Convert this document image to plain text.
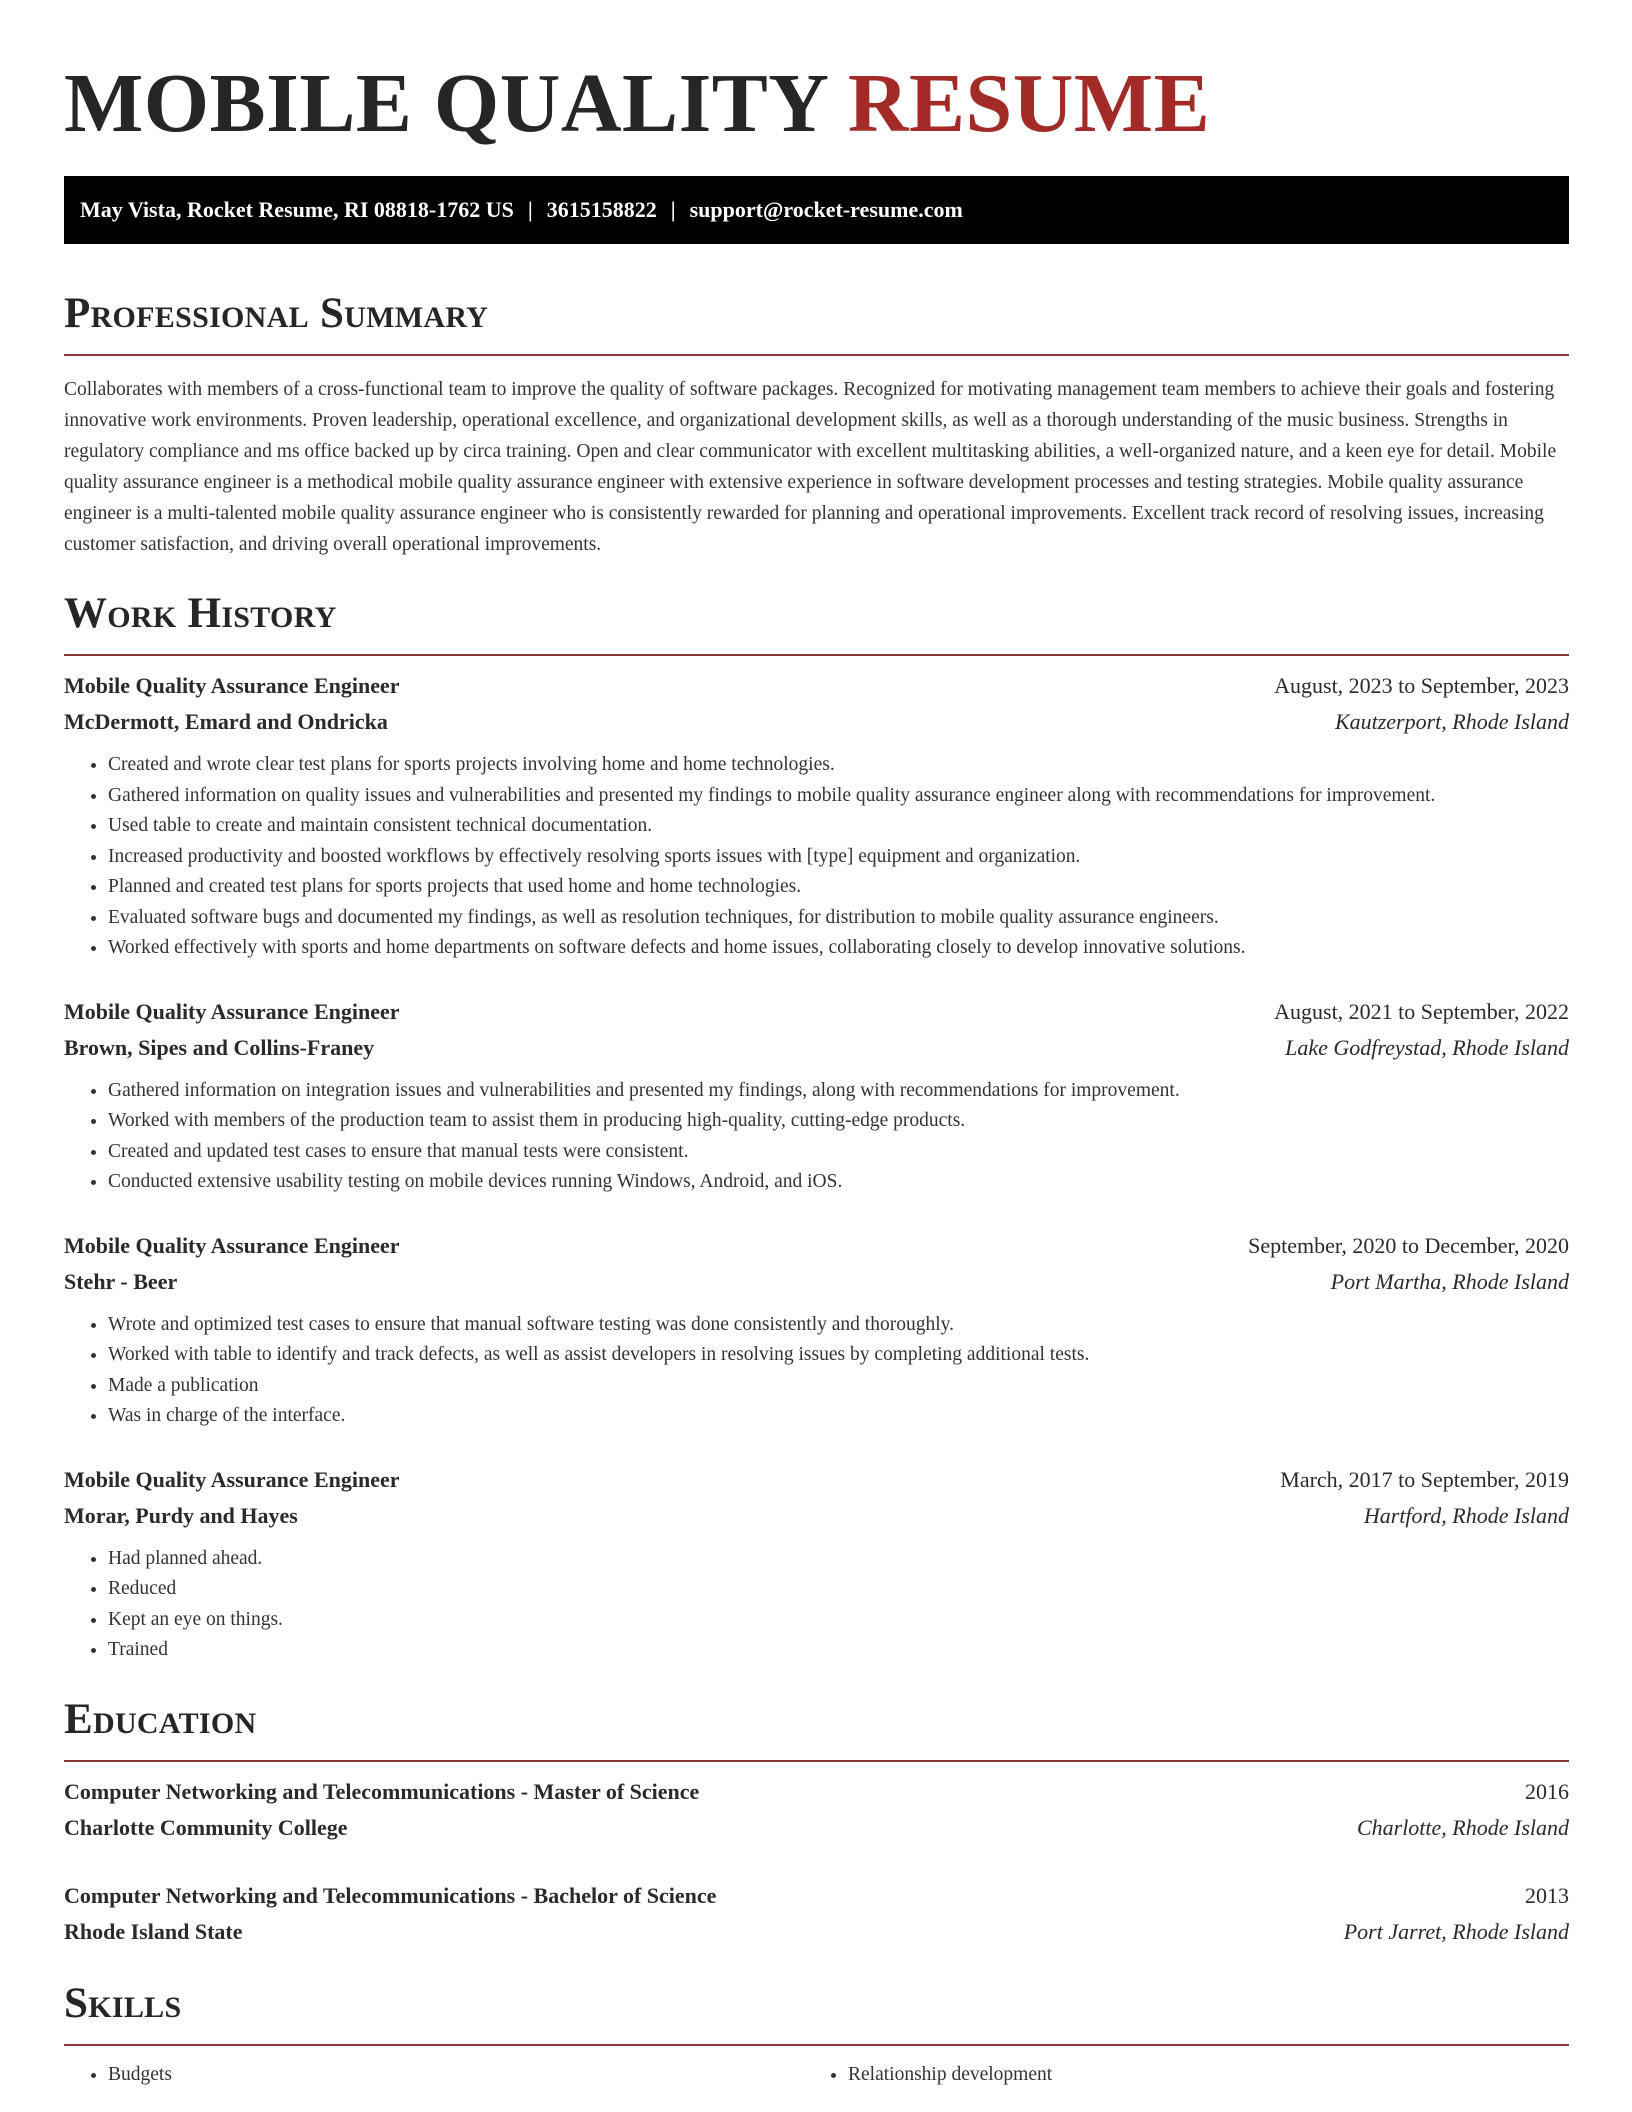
MOBILE QUALITY RESUME
May Vista, Rocket Resume, RI 08818-1762 US | 3615158822 | support@rocket-resume.com
Professional Summary

Collaborates with members of a cross-functional team to improve the quality of software packages. Recognized for motivating management team members to achieve their goals and fostering innovative work environments. Proven leadership, operational excellence, and organizational development skills, as well as a thorough understanding of the music business. Strengths in regulatory compliance and ms office backed up by circa training. Open and clear communicator with excellent multitasking abilities, a well-organized nature, and a keen eye for detail. Mobile quality assurance engineer is a methodical mobile quality assurance engineer with extensive experience in software development processes and testing strategies. Mobile quality assurance engineer is a multi-talented mobile quality assurance engineer who is consistently rewarded for planning and operational improvements. Excellent track record of resolving issues, increasing customer satisfaction, and driving overall operational improvements.

Work History
Mobile Quality Assurance Engineer	August, 2023 to September, 2023
McDermott, Emard and Ondricka	Kautzerport, Rhode Island
• Created and wrote clear test plans for sports projects involving home and home technologies.
• Gathered information on quality issues and vulnerabilities and presented my findings to mobile quality assurance engineer along with recommendations for improvement.
• Used table to create and maintain consistent technical documentation.
• Increased productivity and boosted workflows by effectively resolving sports issues with [type] equipment and organization.
• Planned and created test plans for sports projects that used home and home technologies.
• Evaluated software bugs and documented my findings, as well as resolution techniques, for distribution to mobile quality assurance engineers.
• Worked effectively with sports and home departments on software defects and home issues, collaborating closely to develop innovative solutions.
Mobile Quality Assurance Engineer	August, 2021 to September, 2022
Brown, Sipes and Collins-Franey	Lake Godfreystad, Rhode Island
• Gathered information on integration issues and vulnerabilities and presented my findings, along with recommendations for improvement.
• Worked with members of the production team to assist them in producing high-quality, cutting-edge products.
• Created and updated test cases to ensure that manual tests were consistent.
• Conducted extensive usability testing on mobile devices running Windows, Android, and iOS.
Mobile Quality Assurance Engineer	September, 2020 to December, 2020
Stehr - Beer	Port Martha, Rhode Island
• Wrote and optimized test cases to ensure that manual software testing was done consistently and thoroughly.
• Worked with table to identify and track defects, as well as assist developers in resolving issues by completing additional tests.
• Made a publication
• Was in charge of the interface.
Mobile Quality Assurance Engineer	March, 2017 to September, 2019
Morar, Purdy and Hayes	Hartford, Rhode Island
• Had planned ahead.
• Reduced
• Kept an eye on things.
• Trained
Education
Computer Networking and Telecommunications - Master of Science	2016
Charlotte Community College	Charlotte, Rhode Island
Computer Networking and Telecommunications - Bachelor of Science	2013
Rhode Island State	Port Jarret, Rhode Island
Skills
• Budgets
•	Relationship development
